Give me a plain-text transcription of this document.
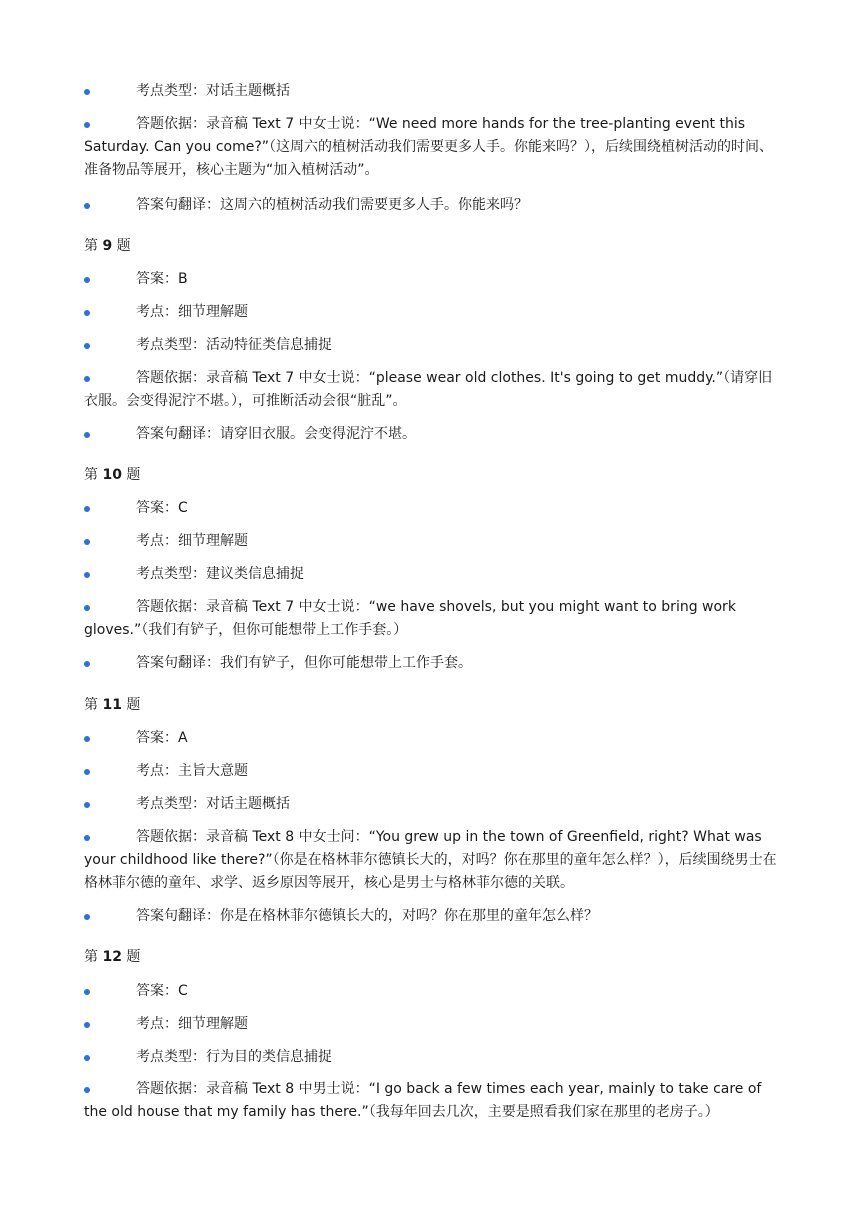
考点类型：对话主题概括
答题依据：录音稿 Text 7 中女士说：“We need more hands for the tree-planting event this Saturday. Can you come?”（这周六的植树活动我们需要更多人手。你能来吗？），后续围绕植树活动的时间、准备物品等展开，核心主题为“加入植树活动”。
答案句翻译：这周六的植树活动我们需要更多人手。你能来吗？
第 9 题
答案：B
考点：细节理解题
考点类型：活动特征类信息捕捉
答题依据：录音稿 Text 7 中女士说：“please wear old clothes. It's going to get muddy.”（请穿旧衣服。会变得泥泞不堪。），可推断活动会很“脏乱”。
答案句翻译：请穿旧衣服。会变得泥泞不堪。
第 10 题
答案：C
考点：细节理解题
考点类型：建议类信息捕捉
答题依据：录音稿 Text 7 中女士说：“we have shovels, but you might want to bring work gloves.”（我们有铲子，但你可能想带上工作手套。）
答案句翻译：我们有铲子，但你可能想带上工作手套。
第 11 题
答案：A
考点：主旨大意题
考点类型：对话主题概括
答题依据：录音稿 Text 8 中女士问：“You grew up in the town of Greenfield, right? What was your childhood like there?”（你是在格林菲尔德镇长大的，对吗？你在那里的童年怎么样？），后续围绕男士在格林菲尔德的童年、求学、返乡原因等展开，核心是男士与格林菲尔德的关联。
答案句翻译：你是在格林菲尔德镇长大的，对吗？你在那里的童年怎么样？
第 12 题
答案：C
考点：细节理解题
考点类型：行为目的类信息捕捉
答题依据：录音稿 Text 8 中男士说：“I go back a few times each year, mainly to take care of the old house that my family has there.”（我每年回去几次，主要是照看我们家在那里的老房子。）
